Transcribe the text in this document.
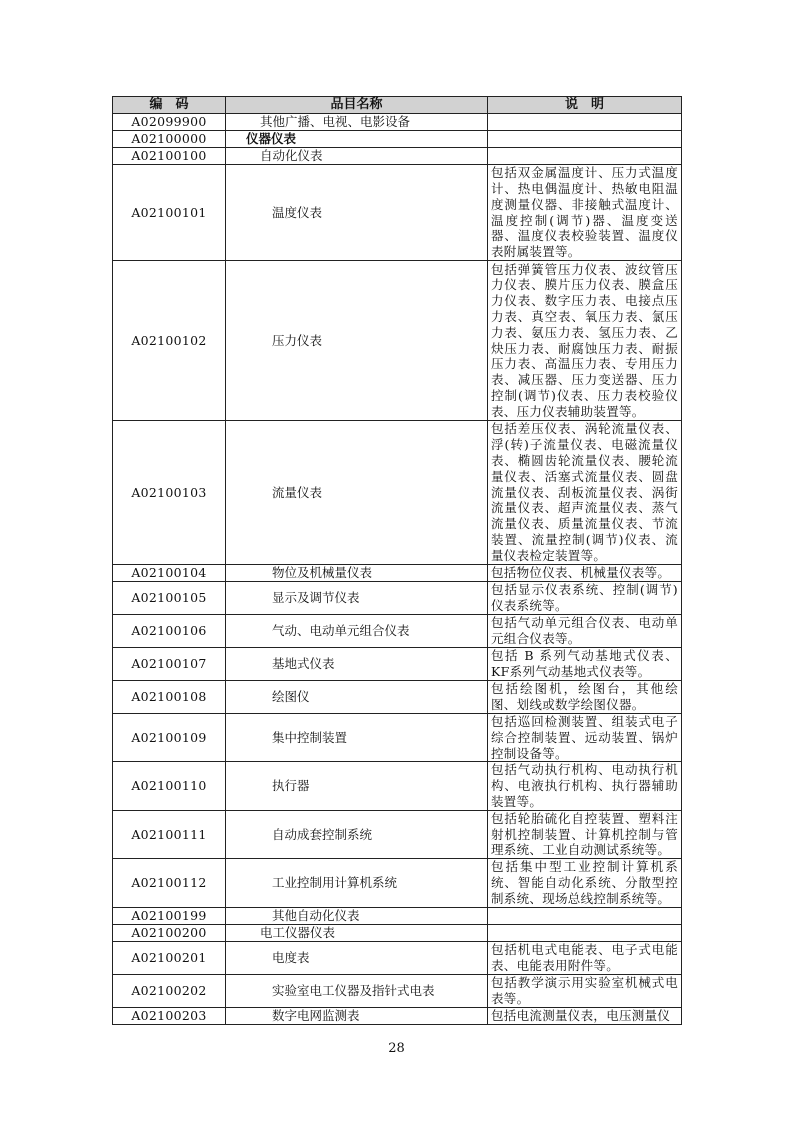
编　码	品目名称	说　明
A02099900	其他广播、电视、电影设备	
A02100000	仪器仪表	
A02100100	自动化仪表	
A02100101	温度仪表	包括双金属温度计、压力式温度计、热电偶温度计、热敏电阻温度测量仪器、非接触式温度计、温度控制(调节)器、温度变送器、温度仪表校验装置、温度仪表附属装置等。
A02100102	压力仪表	包括弹簧管压力仪表、波纹管压力仪表、膜片压力仪表、膜盒压力仪表、数字压力表、电接点压力表、真空表、氧压力表、氯压力表、氨压力表、氢压力表、乙炔压力表、耐腐蚀压力表、耐振压力表、高温压力表、专用压力表、减压器、压力变送器、压力控制(调节)仪表、压力表校验仪表、压力仪表辅助装置等。
A02100103	流量仪表	包括差压仪表、涡轮流量仪表、浮(转)子流量仪表、电磁流量仪表、椭圆齿轮流量仪表、腰轮流量仪表、活塞式流量仪表、圆盘流量仪表、刮板流量仪表、涡街流量仪表、超声流量仪表、蒸气流量仪表、质量流量仪表、节流装置、流量控制(调节)仪表、流量仪表检定装置等。
A02100104	物位及机械量仪表	包括物位仪表、机械量仪表等。
A02100105	显示及调节仪表	包括显示仪表系统、控制(调节)仪表系统等。
A02100106	气动、电动单元组合仪表	包括气动单元组合仪表、电动单元组合仪表等。
A02100107	基地式仪表	包括 B 系列气动基地式仪表、KF系列气动基地式仪表等。
A02100108	绘图仪	包括绘图机，绘图台，其他绘图、划线或数学绘图仪器。
A02100109	集中控制装置	包括巡回检测装置、组装式电子综合控制装置、远动装置、锅炉控制设备等。
A02100110	执行器	包括气动执行机构、电动执行机构、电液执行机构、执行器辅助装置等。
A02100111	自动成套控制系统	包括轮胎硫化自控装置、塑料注射机控制装置、计算机控制与管理系统、工业自动测试系统等。
A02100112	工业控制用计算机系统	包括集中型工业控制计算机系统、智能自动化系统、分散型控制系统、现场总线控制系统等。
A02100199	其他自动化仪表	
A02100200	电工仪器仪表	
A02100201	电度表	包括机电式电能表、电子式电能表、电能表用附件等。
A02100202	实验室电工仪器及指针式电表	包括教学演示用实验室机械式电表等。
A02100203	数字电网监测表	包括电流测量仪表，电压测量仪
28
